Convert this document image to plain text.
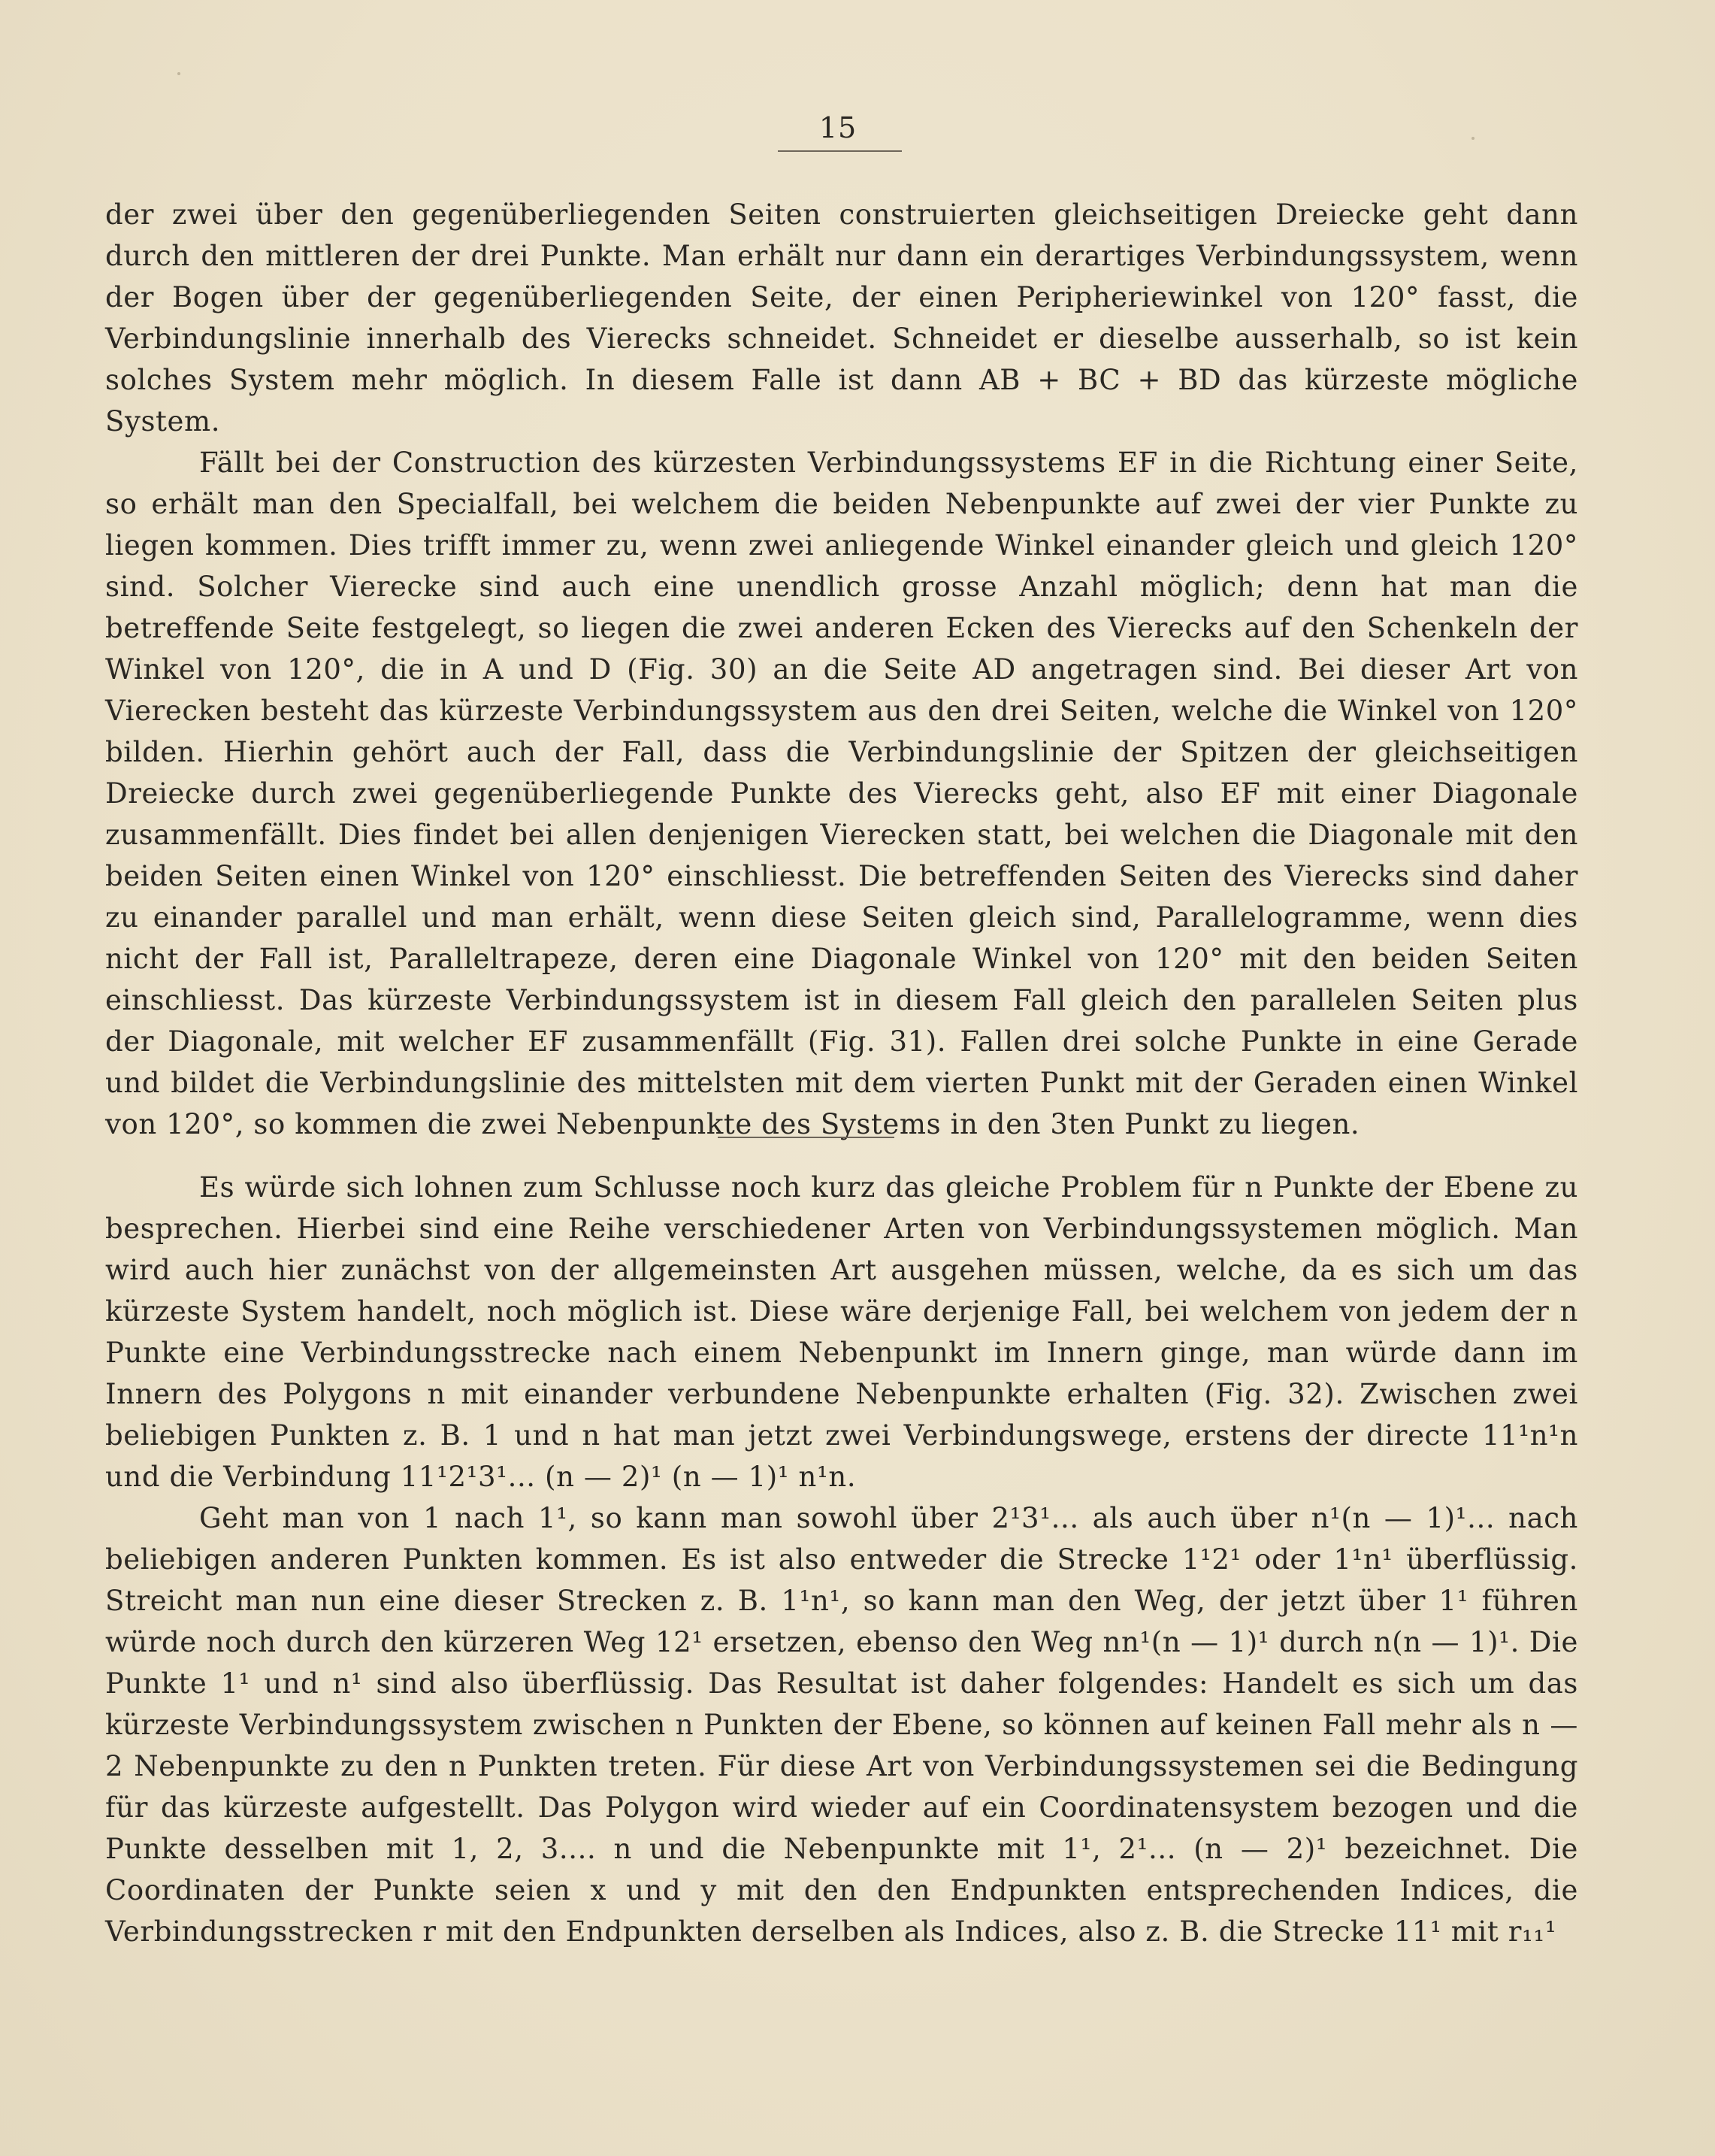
15

der zwei über den gegenüberliegenden Seiten construierten gleichseitigen Dreiecke geht dann durch den mittleren der drei Punkte. Man erhält nur dann ein derartiges Verbindungssystem, wenn der Bogen über der gegenüberliegenden Seite, der einen Peripheriewinkel von 120° fasst, die Verbindungslinie innerhalb des Vierecks schneidet. Schneidet er dieselbe ausserhalb, so ist kein solches System mehr möglich. In diesem Falle ist dann AB + BC + BD das kürzeste mögliche System.

Fällt bei der Construction des kürzesten Verbindungssystems EF in die Richtung einer Seite, so erhält man den Specialfall, bei welchem die beiden Nebenpunkte auf zwei der vier Punkte zu liegen kommen. Dies trifft immer zu, wenn zwei anliegende Winkel einander gleich und gleich 120° sind. Solcher Vierecke sind auch eine unendlich grosse Anzahl möglich; denn hat man die betreffende Seite festgelegt, so liegen die zwei anderen Ecken des Vierecks auf den Schenkeln der Winkel von 120°, die in A und D (Fig. 30) an die Seite AD angetragen sind. Bei dieser Art von Vierecken besteht das kürzeste Verbindungssystem aus den drei Seiten, welche die Winkel von 120° bilden. Hierhin gehört auch der Fall, dass die Verbindungslinie der Spitzen der gleichseitigen Dreiecke durch zwei gegenüberliegende Punkte des Vierecks geht, also EF mit einer Diagonale zusammenfällt. Dies findet bei allen denjenigen Vierecken statt, bei welchen die Diagonale mit den beiden Seiten einen Winkel von 120° einschliesst. Die betreffenden Seiten des Vierecks sind daher zu einander parallel und man erhält, wenn diese Seiten gleich sind, Parallelogramme, wenn dies nicht der Fall ist, Paralleltrapeze, deren eine Diagonale Winkel von 120° mit den beiden Seiten einschliesst. Das kürzeste Verbindungssystem ist in diesem Fall gleich den parallelen Seiten plus der Diagonale, mit welcher EF zusammenfällt (Fig. 31). Fallen drei solche Punkte in eine Gerade und bildet die Verbindungslinie des mittelsten mit dem vierten Punkt mit der Geraden einen Winkel von 120°, so kommen die zwei Nebenpunkte des Systems in den 3ten Punkt zu liegen.

Es würde sich lohnen zum Schlusse noch kurz das gleiche Problem für n Punkte der Ebene zu besprechen. Hierbei sind eine Reihe verschiedener Arten von Verbindungssystemen möglich. Man wird auch hier zunächst von der allgemeinsten Art ausgehen müssen, welche, da es sich um das kürzeste System handelt, noch möglich ist. Diese wäre derjenige Fall, bei welchem von jedem der n Punkte eine Verbindungsstrecke nach einem Nebenpunkt im Innern ginge, man würde dann im Innern des Polygons n mit einander verbundene Nebenpunkte erhalten (Fig. 32). Zwischen zwei beliebigen Punkten z. B. 1 und n hat man jetzt zwei Verbindungswege, erstens der directe 11¹n¹n und die Verbindung 11¹2¹3¹... (n — 2)¹ (n — 1)¹ n¹n.

Geht man von 1 nach 1¹, so kann man sowohl über 2¹3¹... als auch über n¹(n — 1)¹... nach beliebigen anderen Punkten kommen. Es ist also entweder die Strecke 1¹2¹ oder 1¹n¹ überflüssig. Streicht man nun eine dieser Strecken z. B. 1¹n¹, so kann man den Weg, der jetzt über 1¹ führen würde noch durch den kürzeren Weg 12¹ ersetzen, ebenso den Weg nn¹(n — 1)¹ durch n(n — 1)¹. Die Punkte 1¹ und n¹ sind also überflüssig. Das Resultat ist daher folgendes: Handelt es sich um das kürzeste Verbindungssystem zwischen n Punkten der Ebene, so können auf keinen Fall mehr als n — 2 Nebenpunkte zu den n Punkten treten. Für diese Art von Verbindungssystemen sei die Bedingung für das kürzeste aufgestellt. Das Polygon wird wieder auf ein Coordinatensystem bezogen und die Punkte desselben mit 1, 2, 3.... n und die Nebenpunkte mit 1¹, 2¹... (n — 2)¹ bezeichnet. Die Coordinaten der Punkte seien x und y mit den den Endpunkten entsprechenden Indices, die Verbindungsstrecken r mit den Endpunkten derselben als Indices, also z. B. die Strecke 11¹ mit r₁₁¹
